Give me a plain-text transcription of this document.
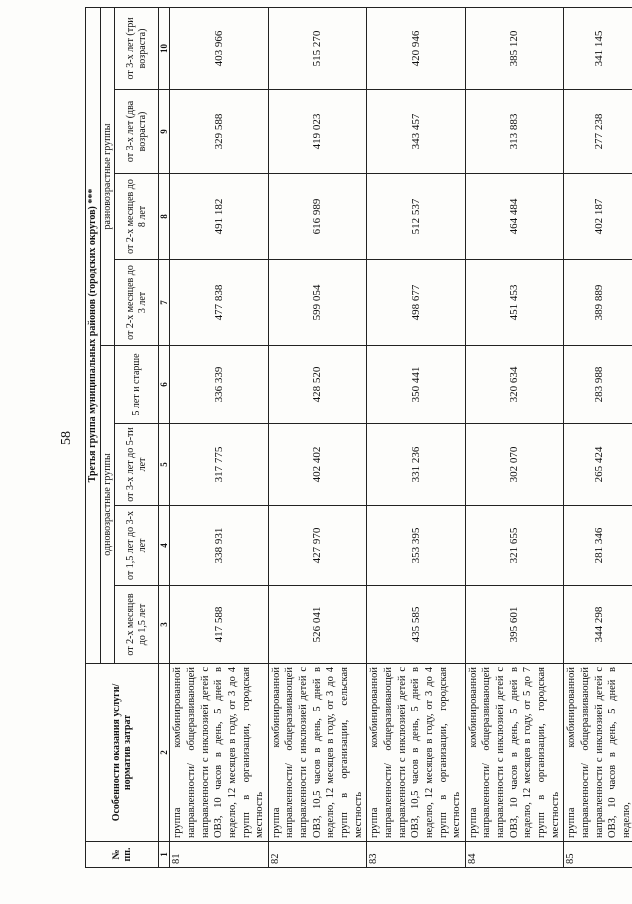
58
№ пп.	Особенности оказания услуги/норматив затрат	Третья группа муниципальных районов (городских округов) ***							
		одновозрастные группы				разновозрастные группы			
		от 2-х месяцев до 1,5 лет	от 1,5 лет до 3-х лет	от 3-х лет до 5-ти лет	5 лет и старше	от 2-х месяцев до 3 лет	от 2-х месяцев до 8 лет	от 3-х лет (два возраста)	от 3-х лет (три возраста)
1	2	3	4	5	6	7	8	9	10
81	группа комбинированной направленности/ общеразвивающей направленности с инклюзией детей с ОВЗ, 10 часов в день, 5 дней в неделю, 12 месяцев в году, от 3 до 4 групп в организации, городская местность	417 588	338 931	317 775	336 339	477 838	491 182	329 588	403 966
82	группа комбинированной направленности/ общеразвивающей направленности с инклюзией детей с ОВЗ, 10,5 часов в день, 5 дней в неделю, 12 месяцев в году, от 3 до 4 групп в организации, сельская местность	526 041	427 970	402 402	428 520	599 054	616 989	419 023	515 270
83	группа комбинированной направленности/ общеразвивающей направленности с инклюзией детей с ОВЗ, 10,5 часов в день, 5 дней в неделю, 12 месяцев в году, от 3 до 4 групп в организации, городская местность	435 585	353 395	331 236	350 441	498 677	512 537	343 457	420 946
84	группа комбинированной направленности/ общеразвивающей направленности с инклюзией детей с ОВЗ, 10 часов в день, 5 дней в неделю, 12 месяцев в году, от 5 до 7 групп в организации, городская местность	395 601	321 655	302 070	320 634	451 453	464 484	313 883	385 120
85	группа комбинированной направленности/ общеразвивающей направленности с инклюзией детей с ОВЗ, 10 часов в день, 5 дней в неделю,	344 298	281 346	265 424	283 988	389 889	402 187	277 238	341 145
